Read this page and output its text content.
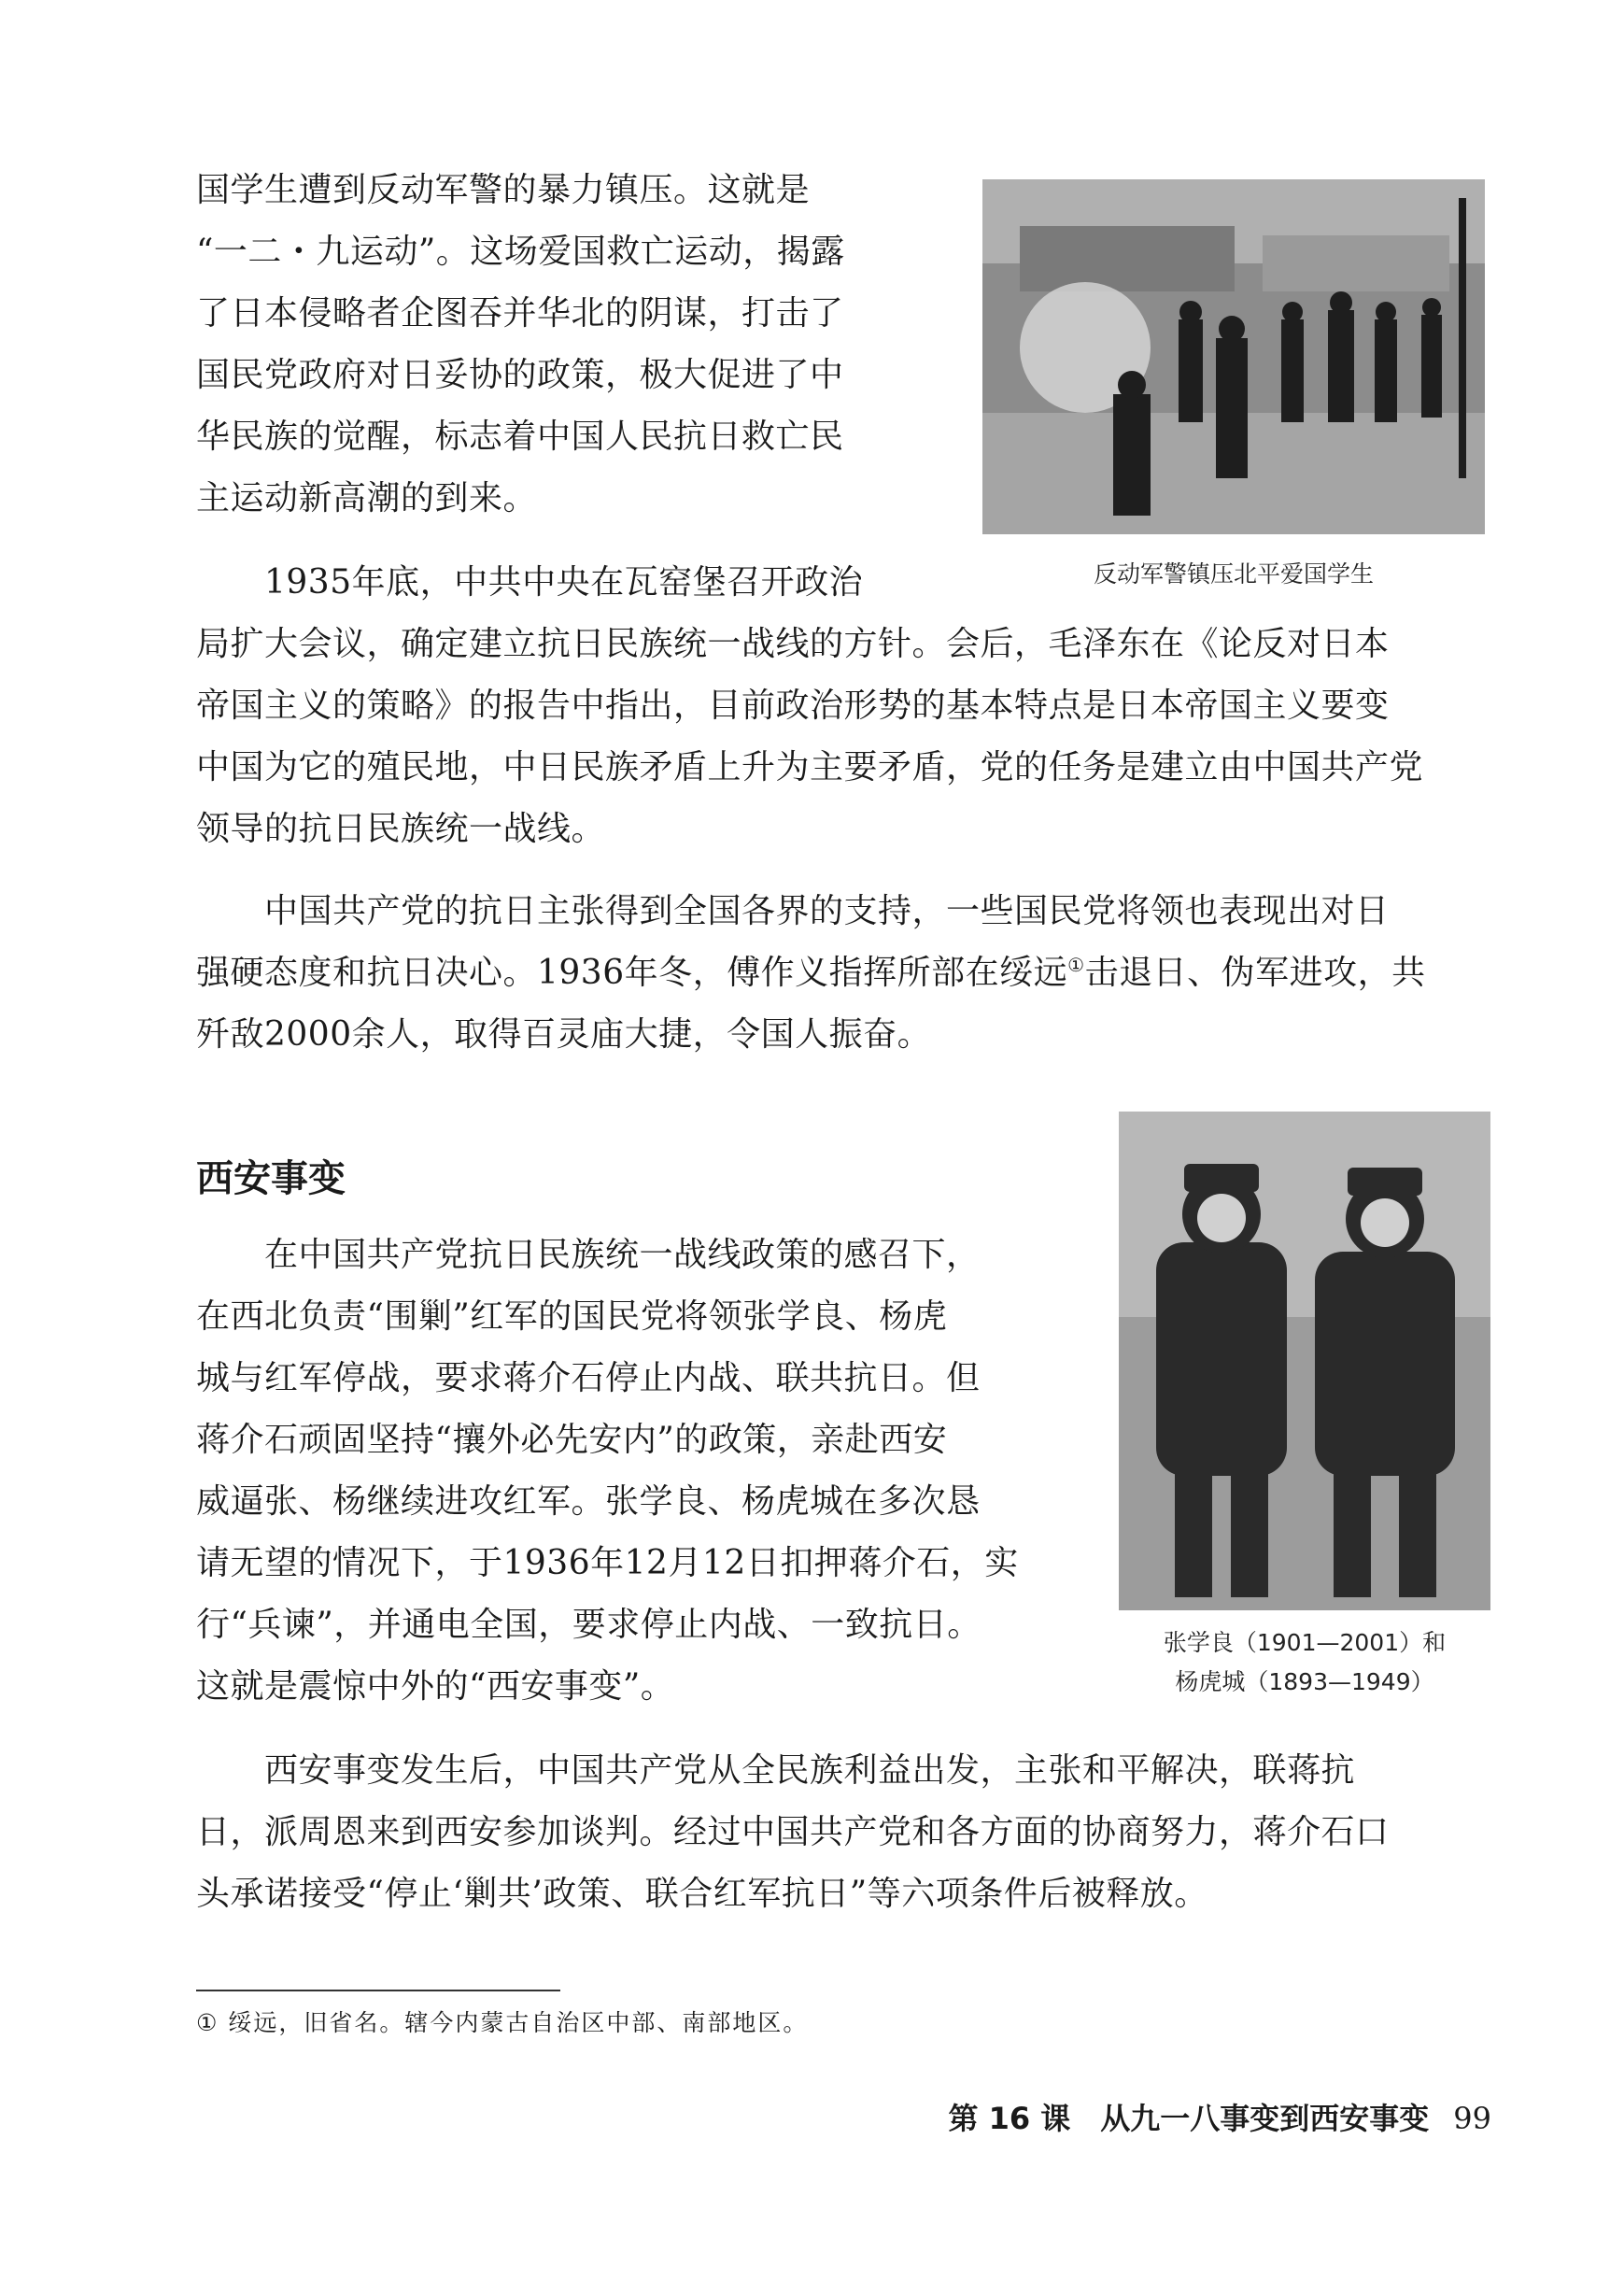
国学生遭到反动军警的暴力镇压。这就是
“一二・九运动”。这场爱国救亡运动，揭露
了日本侵略者企图吞并华北的阴谋，打击了
国民党政府对日妥协的政策，极大促进了中
华民族的觉醒，标志着中国人民抗日救亡民
主运动新高潮的到来。
　　1935年底，中共中央在瓦窑堡召开政治	反动军警镇压北平爱国学生
局扩大会议，确定建立抗日民族统一战线的方针。会后，毛泽东在《论反对日本
帝国主义的策略》的报告中指出，目前政治形势的基本特点是日本帝国主义要变
中国为它的殖民地，中日民族矛盾上升为主要矛盾，党的任务是建立由中国共产党
领导的抗日民族统一战线。
　　中国共产党的抗日主张得到全国各界的支持，一些国民党将领也表现出对日
强硬态度和抗日决心。1936年冬，傅作义指挥所部在绥远①击退日、伪军进攻，共
歼敌2000余人，取得百灵庙大捷，令国人振奋。
西安事变
　　在中国共产党抗日民族统一战线政策的感召下，
在西北负责“围剿”红军的国民党将领张学良、杨虎
城与红军停战，要求蒋介石停止内战、联共抗日。但
蒋介石顽固坚持“攘外必先安内”的政策，亲赴西安
威逼张、杨继续进攻红军。张学良、杨虎城在多次恳
请无望的情况下，于1936年12月12日扣押蒋介石，实
行“兵谏”，并通电全国，要求停止内战、一致抗日。
这就是震惊中外的“西安事变”。
张学良（1901—2001）和
杨虎城（1893—1949）
　　西安事变发生后，中国共产党从全民族利益出发，主张和平解决，联蒋抗
日，派周恩来到西安参加谈判。经过中国共产党和各方面的协商努力，蒋介石口
头承诺接受“停止‘剿共’政策、联合红军抗日”等六项条件后被释放。
① 绥远，旧省名。辖今内蒙古自治区中部、南部地区。
第 16 课　从九一八事变到西安事变 99
